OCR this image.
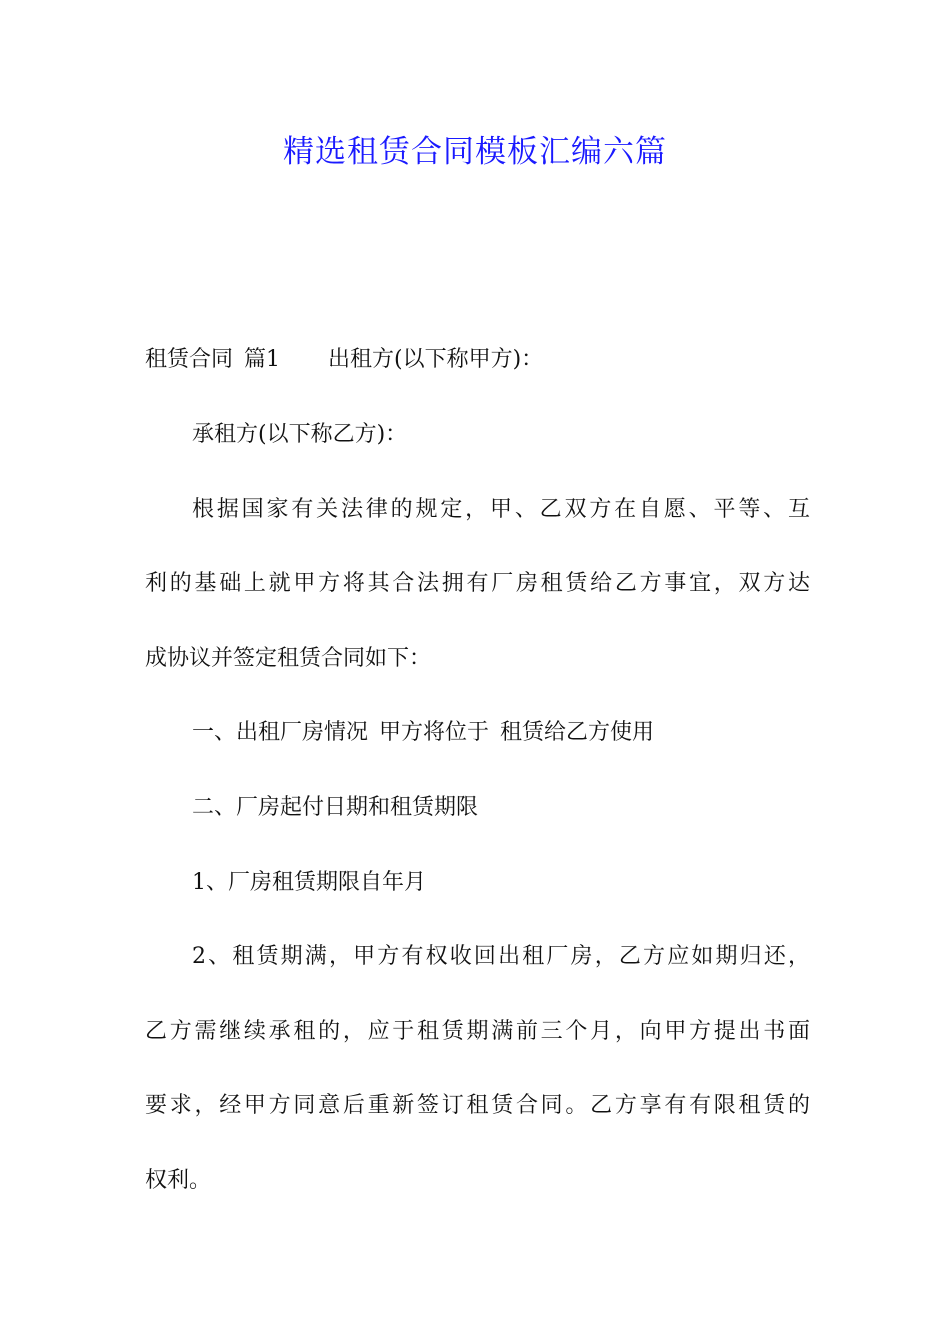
精选租赁合同模板汇编六篇

租赁合同 篇1 出租方(以下称甲方)：

承租方(以下称乙方)：

根据国家有关法律的规定，甲、乙双方在自愿、平等、互

利的基础上就甲方将其合法拥有厂房租赁给乙方事宜，双方达

成协议并签定租赁合同如下：

一、出租厂房情况 甲方将位于 租赁给乙方使用

二、厂房起付日期和租赁期限

1、厂房租赁期限自年月

2、租赁期满，甲方有权收回出租厂房，乙方应如期归还，

乙方需继续承租的，应于租赁期满前三个月，向甲方提出书面

要求，经甲方同意后重新签订租赁合同。乙方享有有限租赁的

权利。
